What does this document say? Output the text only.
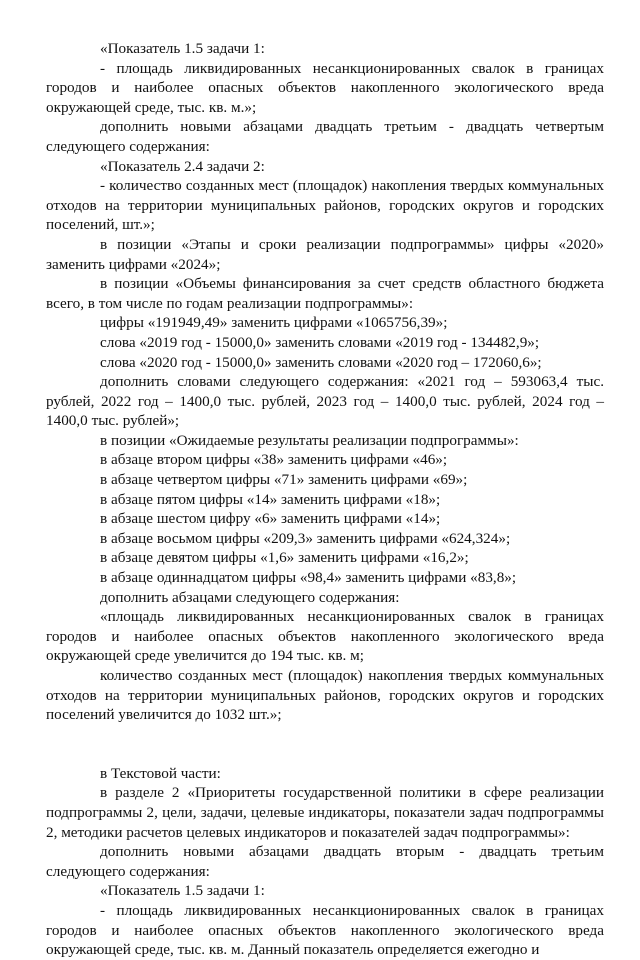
«Показатель 1.5 задачи 1:

- площадь ликвидированных несанкционированных свалок в границах городов и наиболее опасных объектов накопленного экологического вреда окружающей среде, тыс. кв. м.»;

дополнить новыми абзацами двадцать третьим - двадцать четвертым следующего содержания:

«Показатель 2.4 задачи 2:

- количество созданных мест (площадок) накопления твердых коммунальных отходов на территории муниципальных районов, городских округов и городских поселений, шт.»;

в позиции «Этапы и сроки реализации подпрограммы» цифры «2020» заменить цифрами «2024»;

в позиции «Объемы финансирования за счет средств областного бюджета всего, в том числе по годам реализации подпрограммы»:

цифры «191949,49» заменить цифрами «1065756,39»;

слова «2019 год - 15000,0» заменить словами «2019 год - 134482,9»;

слова «2020 год - 15000,0» заменить словами «2020 год – 172060,6»;

дополнить словами следующего содержания: «2021 год – 593063,4 тыс. рублей, 2022 год – 1400,0 тыс. рублей, 2023 год – 1400,0 тыс. рублей, 2024 год – 1400,0 тыс. рублей»;

в позиции «Ожидаемые результаты реализации подпрограммы»:

в абзаце втором цифры «38» заменить цифрами «46»;

в абзаце четвертом цифры «71» заменить цифрами «69»;

в абзаце пятом цифры «14» заменить цифрами «18»;

в абзаце шестом цифру «6» заменить цифрами «14»;

в абзаце восьмом цифры «209,3» заменить цифрами «624,324»;

в абзаце девятом цифры «1,6» заменить цифрами «16,2»;

в абзаце одиннадцатом цифры «98,4» заменить цифрами «83,8»;

дополнить абзацами следующего содержания:

«площадь ликвидированных несанкционированных свалок в границах городов и наиболее опасных объектов накопленного экологического вреда окружающей среде увеличится до 194 тыс. кв. м;

количество созданных мест (площадок) накопления твердых коммунальных отходов на территории муниципальных районов, городских округов и городских поселений увеличится до 1032 шт.»;

в Текстовой части:

в разделе 2 «Приоритеты государственной политики в сфере реализации подпрограммы 2, цели, задачи, целевые индикаторы, показатели задач подпрограммы 2, методики расчетов целевых индикаторов и показателей задач подпрограммы»:

дополнить новыми абзацами двадцать вторым - двадцать третьим следующего содержания:

«Показатель 1.5 задачи 1:

- площадь ликвидированных несанкционированных свалок в границах городов и наиболее опасных объектов накопленного экологического вреда окружающей среде, тыс. кв. м. Данный показатель определяется ежегодно и
